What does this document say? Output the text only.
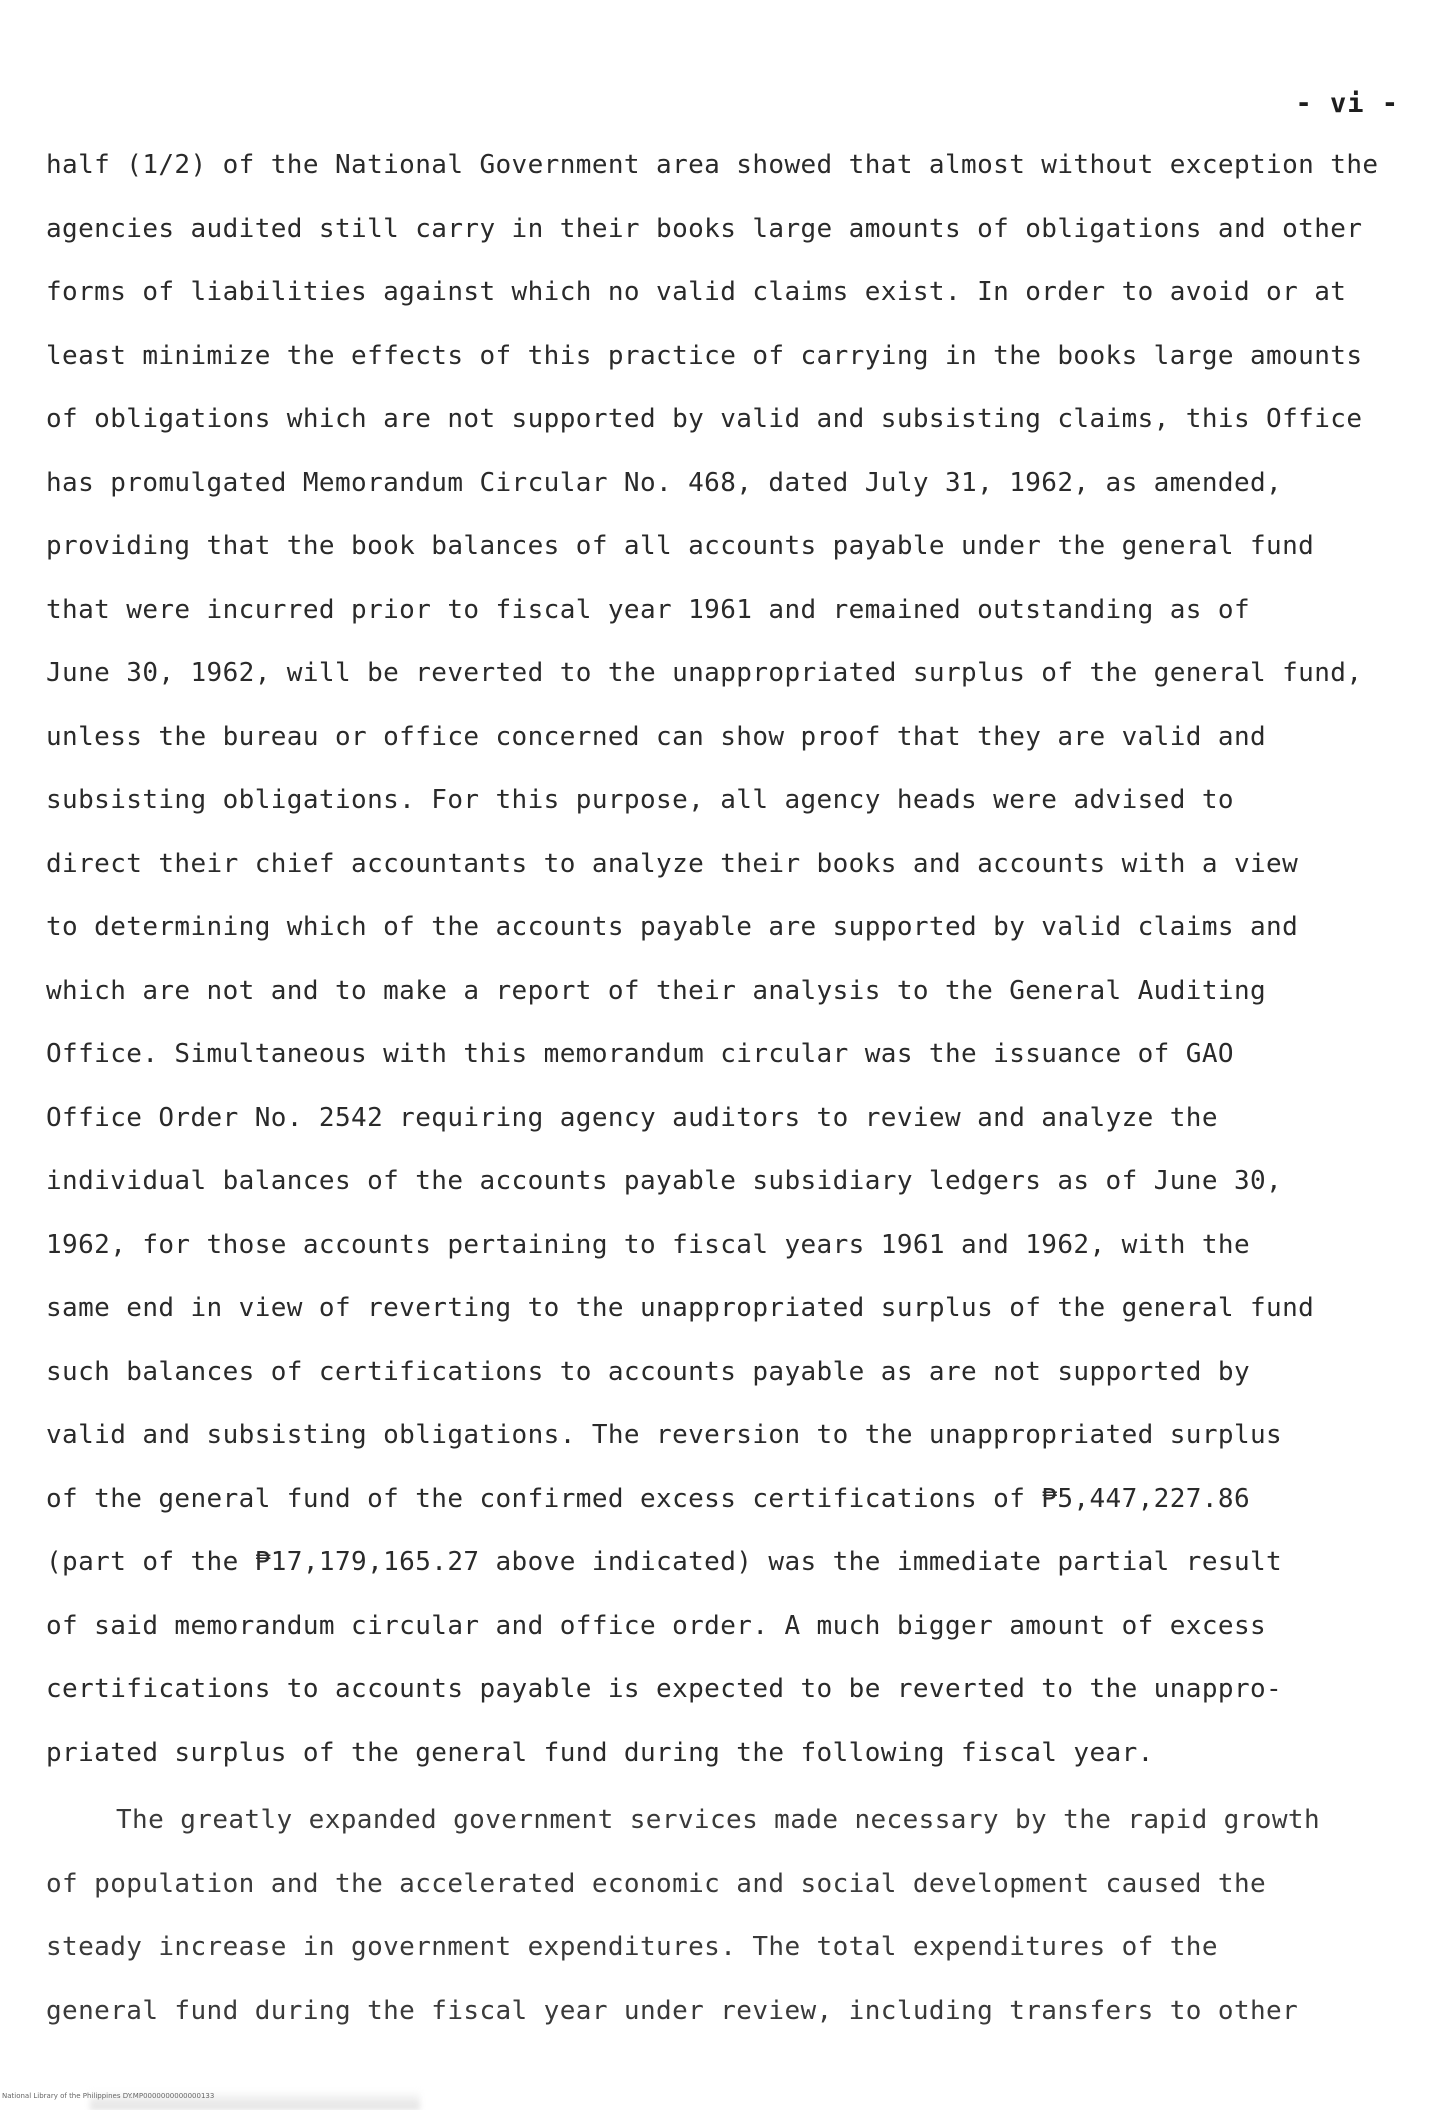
- vi -

half (1/2) of the National Government area showed that almost without exception the
agencies audited still carry in their books large amounts of obligations and other
forms of liabilities against which no valid claims exist. In order to avoid or at
least minimize the effects of this practice of carrying in the books large amounts
of obligations which are not supported by valid and subsisting claims, this Office
has promulgated Memorandum Circular No. 468, dated July 31, 1962, as amended,
providing that the book balances of all accounts payable under the general fund
that were incurred prior to fiscal year 1961 and remained outstanding as of
June 30, 1962, will be reverted to the unappropriated surplus of the general fund,
unless the bureau or office concerned can show proof that they are valid and
subsisting obligations. For this purpose, all agency heads were advised to
direct their chief accountants to analyze their books and accounts with a view
to determining which of the accounts payable are supported by valid claims and
which are not and to make a report of their analysis to the General Auditing
Office. Simultaneous with this memorandum circular was the issuance of GAO
Office Order No. 2542 requiring agency auditors to review and analyze the
individual balances of the accounts payable subsidiary ledgers as of June 30,
1962, for those accounts pertaining to fiscal years 1961 and 1962, with the
same end in view of reverting to the unappropriated surplus of the general fund
such balances of certifications to accounts payable as are not supported by
valid and subsisting obligations. The reversion to the unappropriated surplus
of the general fund of the confirmed excess certifications of ₱5,447,227.86
(part of the ₱17,179,165.27 above indicated) was the immediate partial result
of said memorandum circular and office order. A much bigger amount of excess
certifications to accounts payable is expected to be reverted to the unappro-
priated surplus of the general fund during the following fiscal year.

The greatly expanded government services made necessary by the rapid growth
of population and the accelerated economic and social development caused the
steady increase in government expenditures. The total expenditures of the
general fund during the fiscal year under review, including transfers to other

National Library of the Philippines DY.MP0000000000000133
